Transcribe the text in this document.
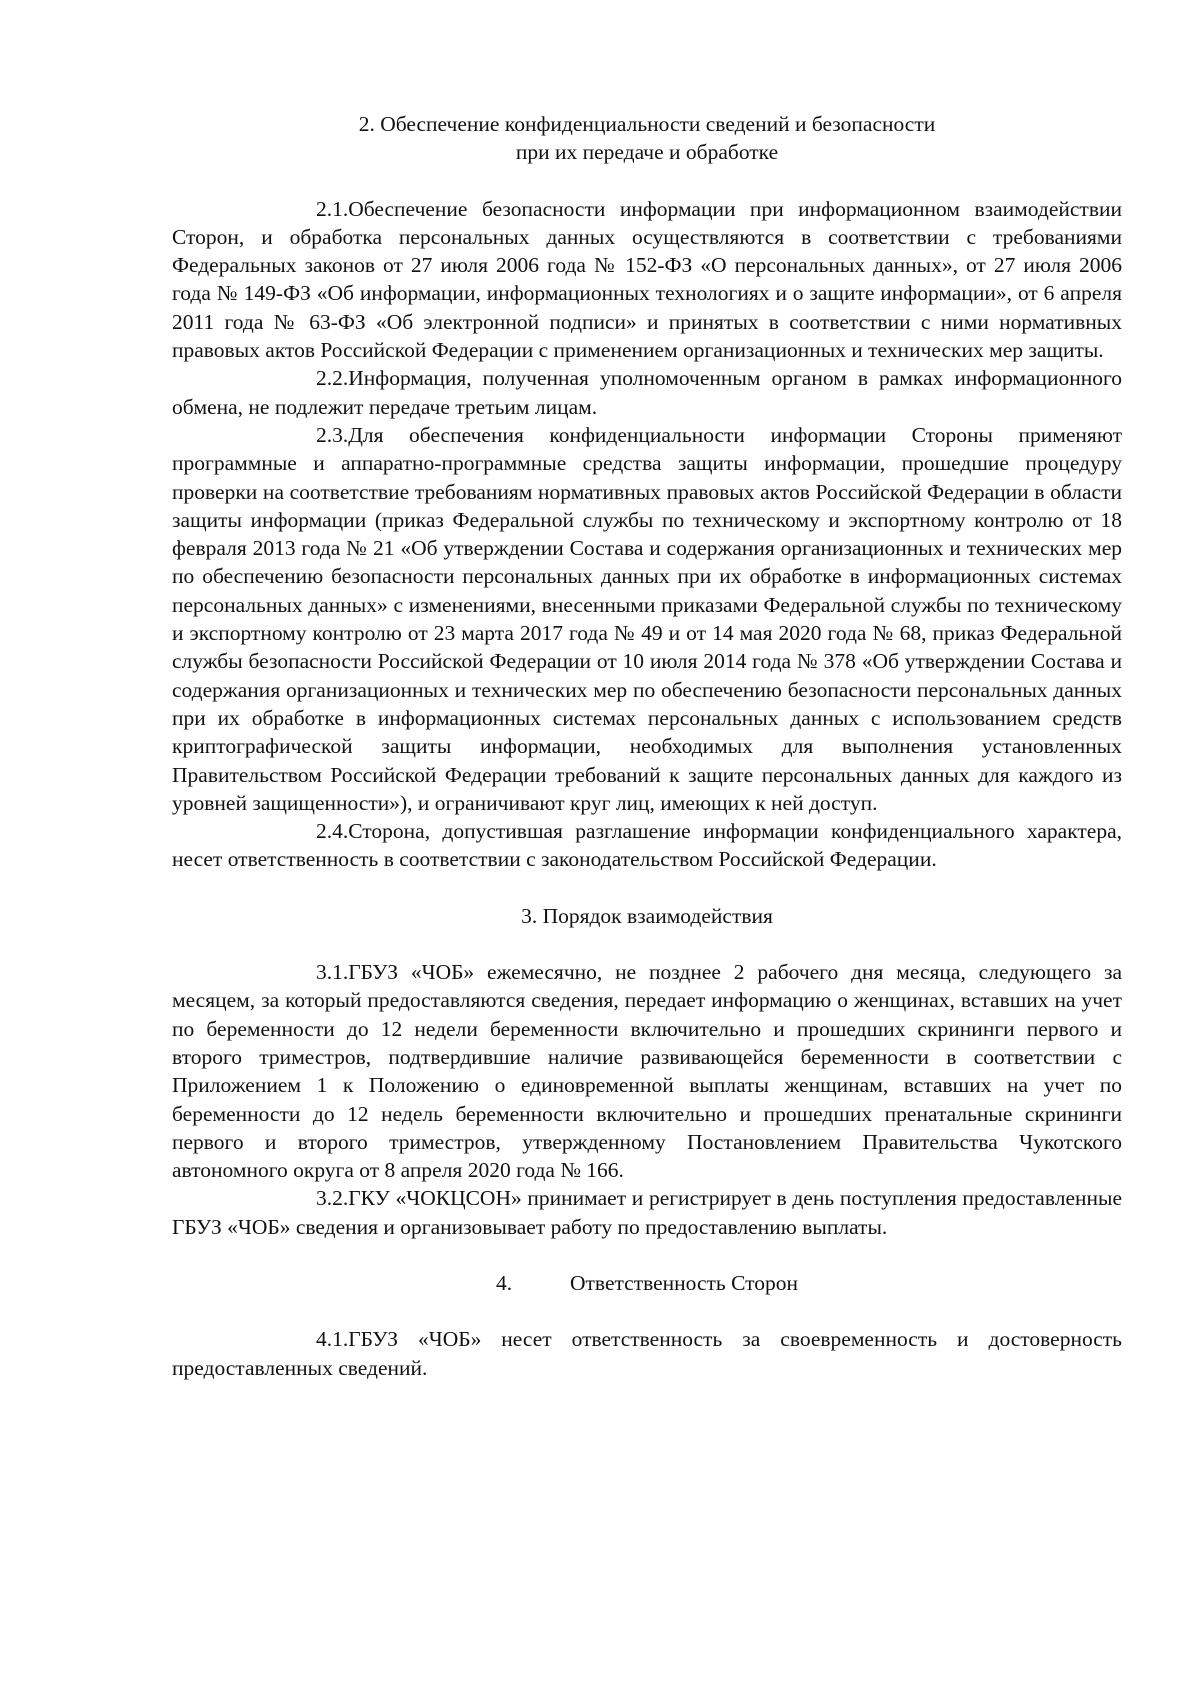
2. Обеспечение конфиденциальности сведений и безопасности
при их передаче и обработке

2.1.Обеспечение безопасности информации при информационном взаимодействии Сторон, и обработка персональных данных осуществляются в соответствии с требованиями Федеральных законов от 27 июля 2006 года № 152-ФЗ «О персональных данных», от 27 июля 2006 года № 149-ФЗ «Об информации, информационных технологиях и о защите информации», от 6 апреля 2011 года № 63-ФЗ «Об электронной подписи» и принятых в соответствии с ними нормативных правовых актов Российской Федерации с применением организационных и технических мер защиты.

2.2.Информация, полученная уполномоченным органом в рамках информационного обмена, не подлежит передаче третьим лицам.

2.3.Для обеспечения конфиденциальности информации Стороны применяют программные и аппаратно-программные средства защиты информации, прошедшие процедуру проверки на соответствие требованиям нормативных правовых актов Российской Федерации в области защиты информации (приказ Федеральной службы по техническому и экспортному контролю от 18 февраля 2013 года № 21 «Об утверждении Состава и содержания организационных и технических мер по обеспечению безопасности персональных данных при их обработке в информационных системах персональных данных» с изменениями, внесенными приказами Федеральной службы по техническому и экспортному контролю от 23 марта 2017 года № 49 и от 14 мая 2020 года № 68, приказ Федеральной службы безопасности Российской Федерации от 10 июля 2014 года № 378 «Об утверждении Состава и содержания организационных и технических мер по обеспечению безопасности персональных данных при их обработке в информационных системах персональных данных с использованием средств криптографической защиты информации, необходимых для выполнения установленных Правительством Российской Федерации требований к защите персональных данных для каждого из уровней защищенности»), и ограничивают круг лиц, имеющих к ней доступ.

2.4.Сторона, допустившая разглашение информации конфиденциального характера, несет ответственность в соответствии с законодательством Российской Федерации.

3. Порядок взаимодействия

3.1.ГБУЗ «ЧОБ» ежемесячно, не позднее 2 рабочего дня месяца, следующего за месяцем, за который предоставляются сведения, передает информацию о женщинах, вставших на учет по беременности до 12 недели беременности включительно и прошедших скрининги первого и второго триместров, подтвердившие наличие развивающейся беременности в соответствии с Приложением 1 к Положению о единовременной выплаты женщинам, вставших на учет по беременности до 12 недель беременности включительно и прошедших пренатальные скрининги первого и второго триместров, утвержденному Постановлением Правительства Чукотского автономного округа от 8 апреля 2020 года № 166.

3.2.ГКУ «ЧОКЦСОН» принимает и регистрирует в день поступления предоставленные ГБУЗ «ЧОБ» сведения и организовывает работу по предоставлению выплаты.

4.	Ответственность Сторон

4.1.ГБУЗ «ЧОБ» несет ответственность за своевременность и достоверность предоставленных сведений.
